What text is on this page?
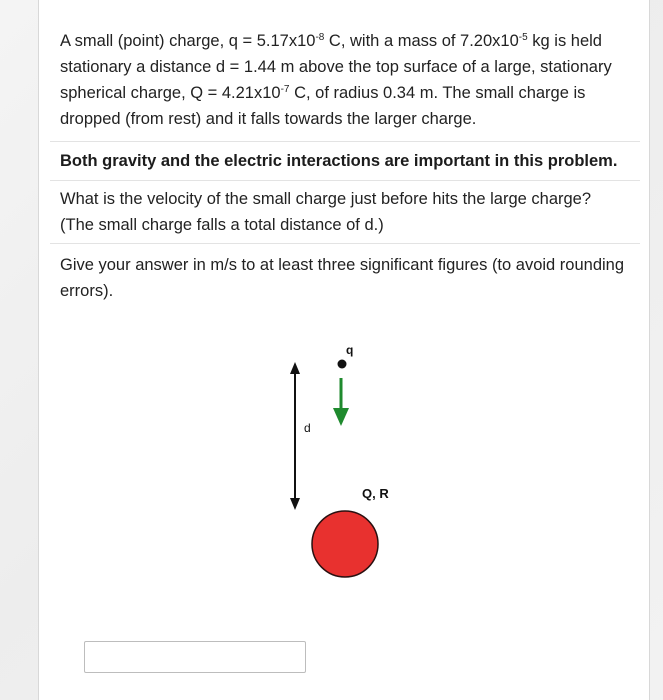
A small (point) charge, $q = 5.17x10^{-8}$ C, with a mass of $7.20x10^{-5}$ kg is held stationary a distance d = 1.44 m above the top surface of a large, stationary spherical charge, $Q = 4.21x10^{-7}$ C, of radius 0.34 m. The small charge is dropped (from rest) and it falls towards the larger charge.
Both gravity and the electric interactions are important in this problem.
What is the velocity of the small charge just before hits the large charge? (The small charge falls a total distance of d.)
Give your answer in m/s to at least three significant figures (to avoid rounding errors).
d
q
Q, R
